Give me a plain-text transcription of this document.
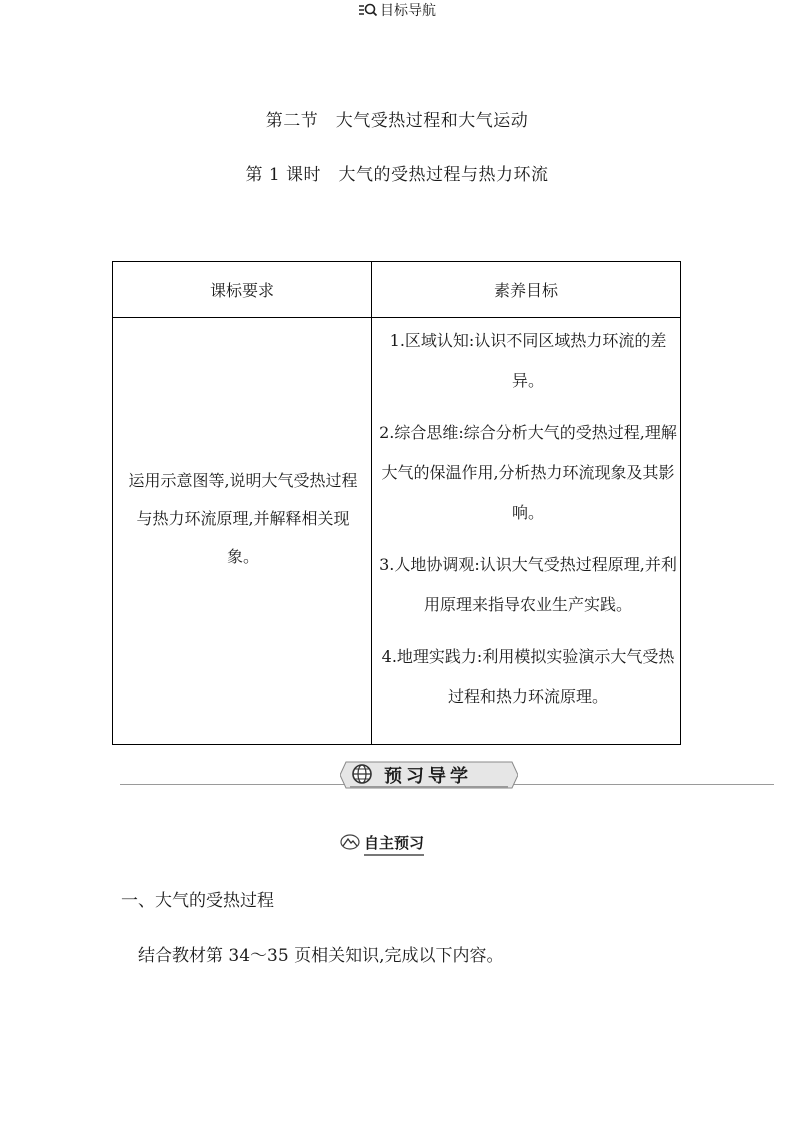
第二节　大气受热过程和大气运动
第 1 课时　大气的受热过程与热力环流
目标导航
课标要求	素养目标
运用示意图等,说明大气受热过程与热力环流原理,并解释相关现象。

1.区域认知:认识不同区域热力环流的差异。

2.综合思维:综合分析大气的受热过程,理解大气的保温作用,分析热力环流现象及其影响。

3.人地协调观:认识大气受热过程原理,并利用原理来指导农业生产实践。

4.地理实践力:利用模拟实验演示大气受热过程和热力环流原理。

预习导学
自主预习
一、大气的受热过程
结合教材第 34～35 页相关知识,完成以下内容。
